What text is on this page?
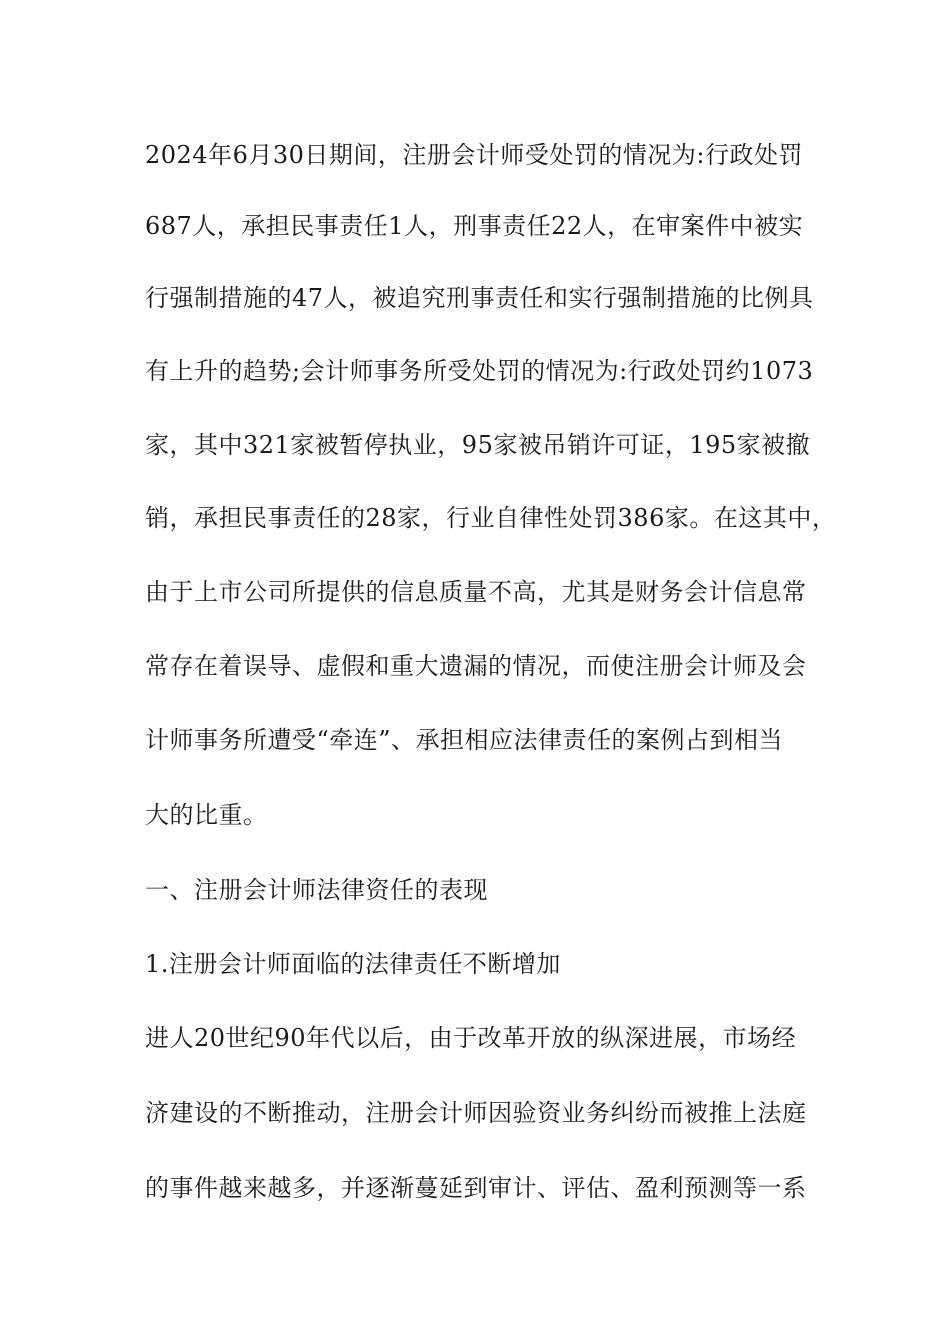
2024年6月30日期间，注册会计师受处罚的情况为:行政处罚
687人，承担民事责任1人，刑事责任22人，在审案件中被实
行强制措施的47人，被追究刑事责任和实行强制措施的比例具
有上升的趋势;会计师事务所受处罚的情况为:行政处罚约1073
家，其中321家被暂停执业，95家被吊销许可证，195家被撤
销，承担民事责任的28家，行业自律性处罚386家。在这其中，
由于上市公司所提供的信息质量不高，尤其是财务会计信息常
常存在着误导、虚假和重大遗漏的情况，而使注册会计师及会
计师事务所遭受“牵连”、承担相应法律责任的案例占到相当
大的比重。
一、注册会计师法律资任的表现
1.注册会计师面临的法律责任不断增加
进人20世纪90年代以后，由于改革开放的纵深进展，市场经
济建设的不断推动，注册会计师因验资业务纠纷而被推上法庭
的事件越来越多，并逐渐蔓延到审计、评估、盈利预测等一系
